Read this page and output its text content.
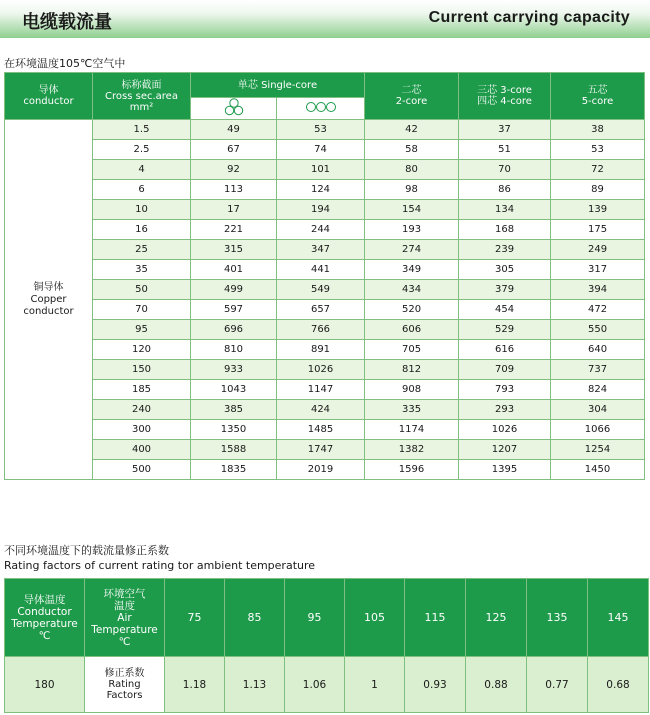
电缆载流量	Current carrying capacity
在环境温度105℃空气中
导体
conductor	标称截面
Cross sec.area
mm²	单芯 Single-core		二芯
2-core	三芯 3-core
四芯 4-core	五芯
5-core

铜导体
Copper
conductor	1.5	49	53	42	37	38
	2.5	67	74	58	51	53
	4	92	101	80	70	72
	6	113	124	98	86	89
	10	17	194	154	134	139
	16	221	244	193	168	175
	25	315	347	274	239	249
	35	401	441	349	305	317
	50	499	549	434	379	394
	70	597	657	520	454	472
	95	696	766	606	529	550
	120	810	891	705	616	640
	150	933	1026	812	709	737
	185	1043	1147	908	793	824
	240	385	424	335	293	304
	300	1350	1485	1174	1026	1066
	400	1588	1747	1382	1207	1254
	500	1835	2019	1596	1395	1450
不同环境温度下的载流量修正系数
Rating factors of current rating tor ambient temperature
导体温度
Conductor
Temperature
℃	环境空气
温度
Air
Temperature
℃	75	85	95	105	115	125	135	145
180	修正系数
Rating
Factors	1.18	1.13	1.06	1	0.93	0.88	0.77	0.68
